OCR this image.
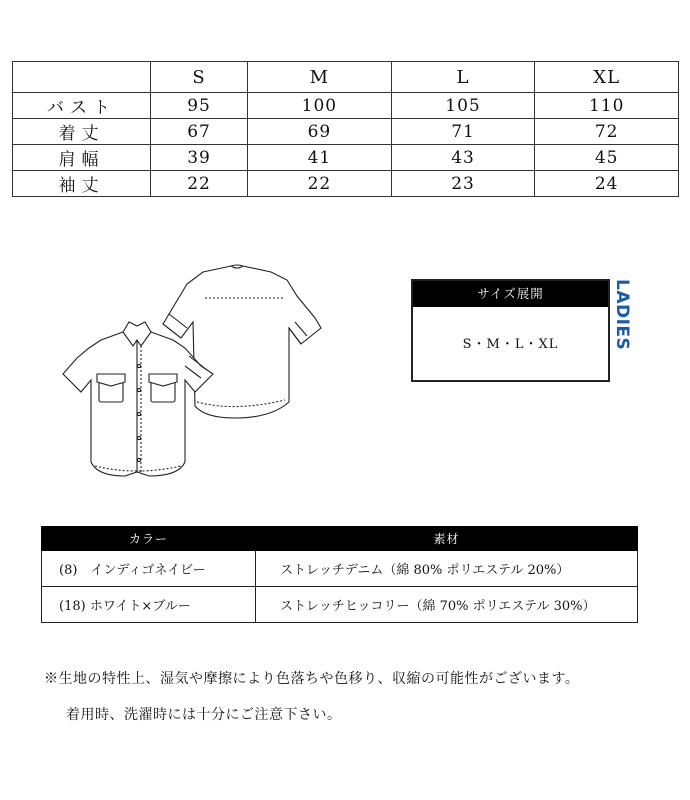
	S	M	L	XL
バスト	95	100	105	110
着丈	67	69	71	72
肩幅	39	41	43	45
袖丈	22	22	23	24
サイズ展開
S・M・L・XL	LADIES
カラー	素材
(8)　インディゴネイビー	ストレッチデニム（綿 80% ポリエステル 20%）
(18) ホワイト×ブルー	ストレッチヒッコリー（綿 70% ポリエステル 30%）
※生地の特性上、湿気や摩擦により色落ちや色移り、収縮の可能性がございます。
着用時、洗濯時には十分にご注意下さい。
